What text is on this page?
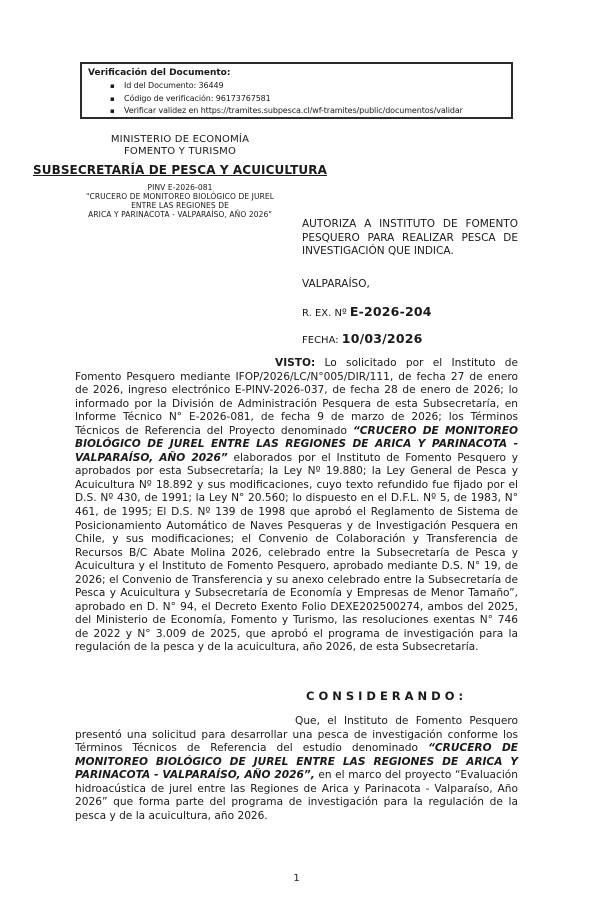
Verificación del Documento:
▪	Id del Documento: 36449
▪	Código de verificación: 96173767581
▪	Verificar validez en https://tramites.subpesca.cl/wf-tramites/public/documentos/validar
MINISTERIO DE ECONOMÍA
FOMENTO Y TURISMO
SUBSECRETARÍA DE PESCA Y ACUICULTURA
PINV E-2026-081
"CRUCERO DE MONITOREO BIOLÓGICO DE JUREL
ENTRE LAS REGIONES DE
ARICA Y PARINACOTA - VALPARAÍSO, AÑO 2026"
AUTORIZA A INSTITUTO DE FOMENTO PESQUERO PARA REALIZAR PESCA DE INVESTIGACIÓN QUE INDICA.
VALPARAÍSO,
R. EX. Nº E-2026-204
FECHA: 10/03/2026
VISTO: Lo solicitado por el Instituto de Fomento Pesquero mediante IFOP/2026/LC/N°005/DIR/111, de fecha 27 de enero de 2026, ingreso electrónico E-PINV-2026-037, de fecha 28 de enero de 2026; lo informado por la División de Administración Pesquera de esta Subsecretaría, en Informe Técnico N° E-2026-081, de fecha 9 de marzo de 2026; los Términos Técnicos de Referencia del Proyecto denominado “CRUCERO DE MONITOREO BIOLÓGICO DE JUREL ENTRE LAS REGIONES DE ARICA Y PARINACOTA - VALPARAÍSO, AÑO 2026” elaborados por el Instituto de Fomento Pesquero y aprobados por esta Subsecretaría; la Ley Nº 19.880; la Ley General de Pesca y Acuicultura Nº 18.892 y sus modificaciones, cuyo texto refundido fue fijado por el D.S. Nº 430, de 1991; la Ley N° 20.560; lo dispuesto en el D.F.L. Nº 5, de 1983, N° 461, de 1995; El D.S. Nº 139 de 1998 que aprobó el Reglamento de Sistema de Posicionamiento Automático de Naves Pesqueras y de Investigación Pesquera en Chile, y sus modificaciones; el Convenio de Colaboración y Transferencia de Recursos B/C Abate Molina 2026, celebrado entre la Subsecretaría de Pesca y Acuicultura y el Instituto de Fomento Pesquero, aprobado mediante D.S. N° 19, de 2026; el Convenio de Transferencia y su anexo celebrado entre la Subsecretaría de Pesca y Acuicultura y Subsecretaría de Economía y Empresas de Menor Tamaño”, aprobado en D. N° 94, el Decreto Exento Folio DEXE202500274, ambos del 2025, del Ministerio de Economía, Fomento y Turismo, las resoluciones exentas N° 746 de 2022 y N° 3.009 de 2025, que aprobó el programa de investigación para la regulación de la pesca y de la acuicultura, año 2026, de esta Subsecretaría.
CONSIDERANDO:
Que, el Instituto de Fomento Pesquero presentó una solicitud para desarrollar una pesca de investigación conforme los Términos Técnicos de Referencia del estudio denominado “CRUCERO DE MONITOREO BIOLÓGICO DE JUREL ENTRE LAS REGIONES DE ARICA Y PARINACOTA - VALPARAÍSO, AÑO 2026”, en el marco del proyecto “Evaluación hidroacústica de jurel entre las Regiones de Arica y Parinacota - Valparaíso, Año 2026” que forma parte del programa de investigación para la regulación de la pesca y de la acuicultura, año 2026.
1
